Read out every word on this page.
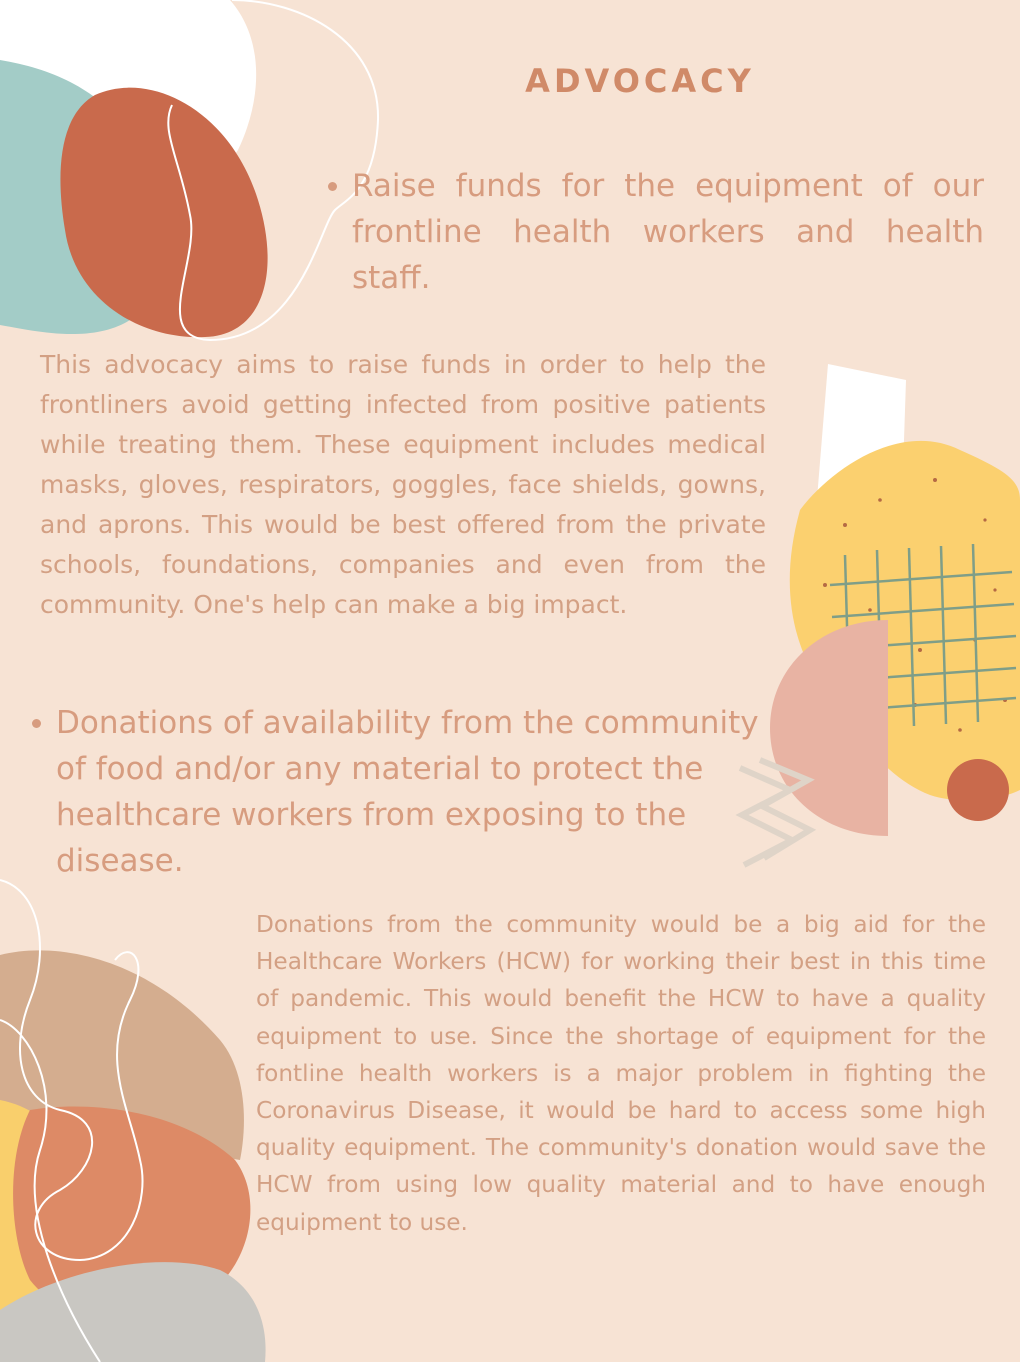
ADVOCACY

Raise funds for the equipment of our frontline health workers and health staff.

This advocacy aims to raise funds in order to help the frontliners avoid getting infected from positive patients while treating them. These equipment includes medical masks, gloves, respirators, goggles, face shields, gowns, and aprons. This would be best offered from the private schools, foundations, companies and even from the community. One's help can make a big impact.

Donations of availability from the community of food and/or any material to protect the healthcare workers from exposing to the disease.

Donations from the community would be a big aid for the Healthcare Workers (HCW) for working their best in this time of pandemic. This would benefit the HCW to have a quality equipment to use. Since the shortage of equipment for the fontline health workers is a major problem in fighting the Coronavirus Disease, it would be hard to access some high quality equipment. The community's donation would save the HCW from using low quality material and to have enough equipment to use.
